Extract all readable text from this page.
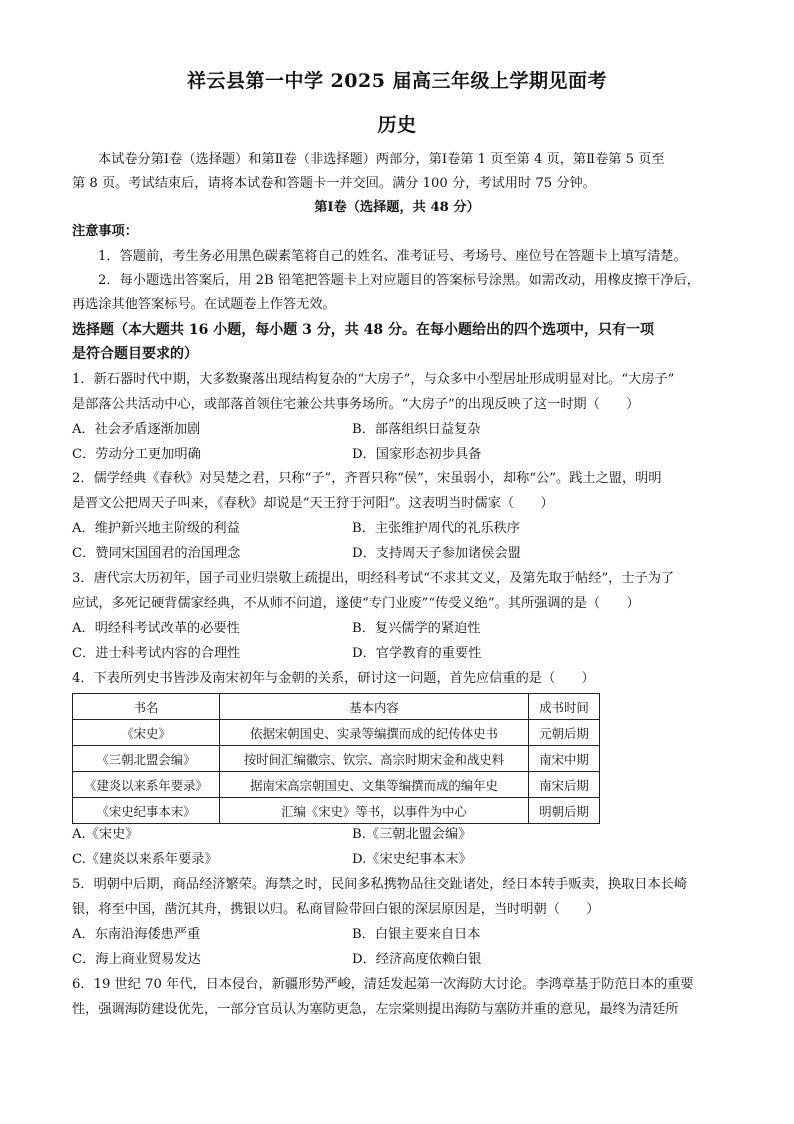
祥云县第一中学 2025 届高三年级上学期见面考
历史
本试卷分第Ⅰ卷（选择题）和第Ⅱ卷（非选择题）两部分，第Ⅰ卷第 1 页至第 4 页，第Ⅱ卷第 5 页至
第 8 页。考试结束后，请将本试卷和答题卡一并交回。满分 100 分，考试用时 75 分钟。
第Ⅰ卷（选择题，共 48 分）
注意事项：
1．答题前，考生务必用黑色碳素笔将自己的姓名、准考证号、考场号、座位号在答题卡上填写清楚。
2．每小题选出答案后，用 2B 铅笔把答题卡上对应题目的答案标号涂黑。如需改动，用橡皮擦干净后，
再选涂其他答案标号。在试题卷上作答无效。
选择题（本大题共 16 小题，每小题 3 分，共 48 分。在每小题给出的四个选项中，只有一项
是符合题目要求的）
1．新石器时代中期，大多数聚落出现结构复杂的“大房子”，与众多中小型居址形成明显对比。“大房子”
是部落公共活动中心，或部落首领住宅兼公共事务场所。“大房子”的出现反映了这一时期（　　）
A．社会矛盾逐渐加剧	B．部落组织日益复杂
C．劳动分工更加明确	D．国家形态初步具备
2．儒学经典《春秋》对吴楚之君，只称“子”，齐晋只称“侯”，宋虽弱小，却称“公”。践土之盟，明明
是晋文公把周天子叫来，《春秋》却说是“天王狩于河阳”。这表明当时儒家（　　）
A．维护新兴地主阶级的利益	B．主张维护周代的礼乐秩序
C．赞同宋国国君的治国理念	D．支持周天子参加诸侯会盟
3．唐代宗大历初年，国子司业归崇敬上疏提出，明经科考试“不求其文义，及第先取于帖经”，士子为了
应试，多死记硬背儒家经典，不从师不问道，遂使“专门业废”“传受义绝”。其所强调的是（　　）
A．明经科考试改革的必要性	B．复兴儒学的紧迫性
C．进士科考试内容的合理性	D．官学教育的重要性
4．下表所列史书皆涉及南宋初年与金朝的关系，研讨这一问题，首先应信重的是（　　）
书名	基本内容	成书时间
《宋史》	依据宋朝国史、实录等编撰而成的纪传体史书	元朝后期
《三朝北盟会编》	按时间汇编徽宗、钦宗、高宗时期宋金和战史料	南宋中期
《建炎以来系年要录》	据南宋高宗朝国史、文集等编撰而成的编年史	南宋后期
《宋史纪事本末》	汇编《宋史》等书，以事件为中心	明朝后期
A.《宋史》	B.《三朝北盟会编》
C.《建炎以来系年要录》	D.《宋史纪事本末》
5．明朝中后期，商品经济繁荣。海禁之时，民间多私携物品往交趾诸处，经日本转手贩卖，换取日本长崎
银，将至中国，凿沉其舟，携银以归。私商冒险带回白银的深层原因是，当时明朝（　　）
A．东南沿海倭患严重	B．白银主要来自日本
C．海上商业贸易发达	D．经济高度依赖白银
6．19 世纪 70 年代，日本侵台，新疆形势严峻，清廷发起第一次海防大讨论。李鸿章基于防范日本的重要
性，强调海防建设优先，一部分官员认为塞防更急，左宗棠则提出海防与塞防并重的意见，最终为清廷所
